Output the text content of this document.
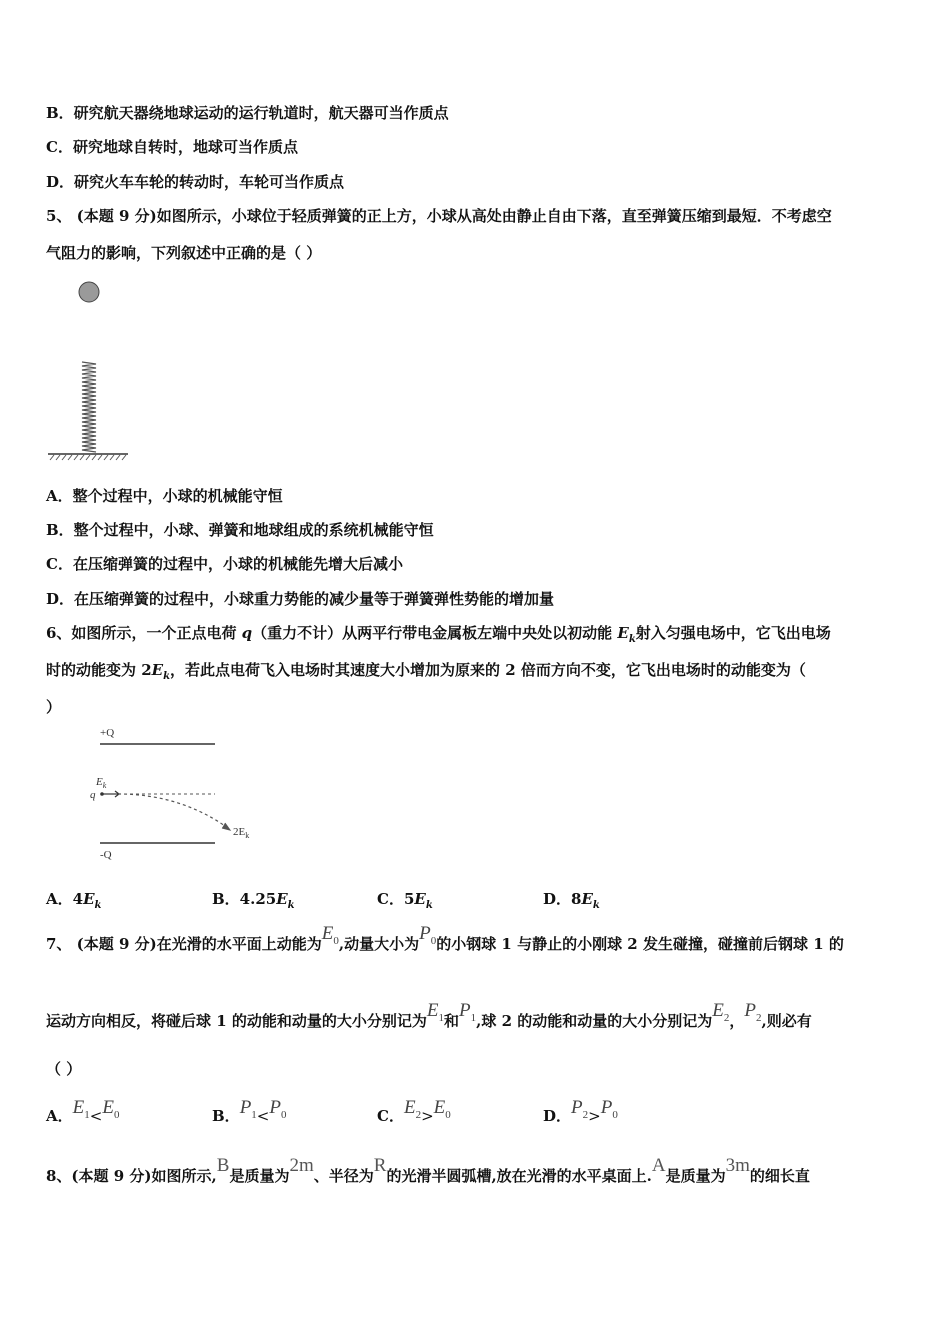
B．研究航天器绕地球运动的运行轨道时，航天器可当作质点
C．研究地球自转时，地球可当作质点
D．研究火车车轮的转动时，车轮可当作质点
5、 (本题 9 分)如图所示，小球位于轻质弹簧的正上方，小球从高处由静止自由下落，直至弹簧压缩到最短．不考虑空
气阻力的影响，下列叙述中正确的是（ ）
A．整个过程中，小球的机械能守恒
B．整个过程中，小球、弹簧和地球组成的系统机械能守恒
C．在压缩弹簧的过程中，小球的机械能先增大后减小
D．在压缩弹簧的过程中，小球重力势能的减少量等于弹簧弹性势能的增加量
6、如图所示，一个正点电荷 q（重力不计）从两平行带电金属板左端中央处以初动能 $E_k$射入匀强电场中，它飞出电场
时的动能变为 $2E_k$，若此点电荷飞入电场时其速度大小增加为原来的 2 倍而方向不变，它飞出电场时的动能变为（
）
+Q
$E_k$
q
$2E_k$
-Q
A．$4E_k$	B．$4.25E_k$	C．$5E_k$	D．$8E_k$
7、 (本题 9 分)在光滑的水平面上动能为$E_0$,动量大小为$P_0$的小钢球 1 与静止的小刚球 2 发生碰撞，碰撞前后钢球 1 的
运动方向相反，将碰后球 1 的动能和动量的大小分别记为$E_1$和$P_1$,球 2 的动能和动量的大小分别记为$E_2$，$P_2$,则必有
（ ）
A．$E_1<E_0$	B．$P_1<P_0$	C．$E_2>E_0$	D．$P_2>P_0$
8、(本题 9 分)如图所示,B是质量为2m、半径为R的光滑半圆弧槽,放在光滑的水平桌面上.A是质量为3m的细长直
